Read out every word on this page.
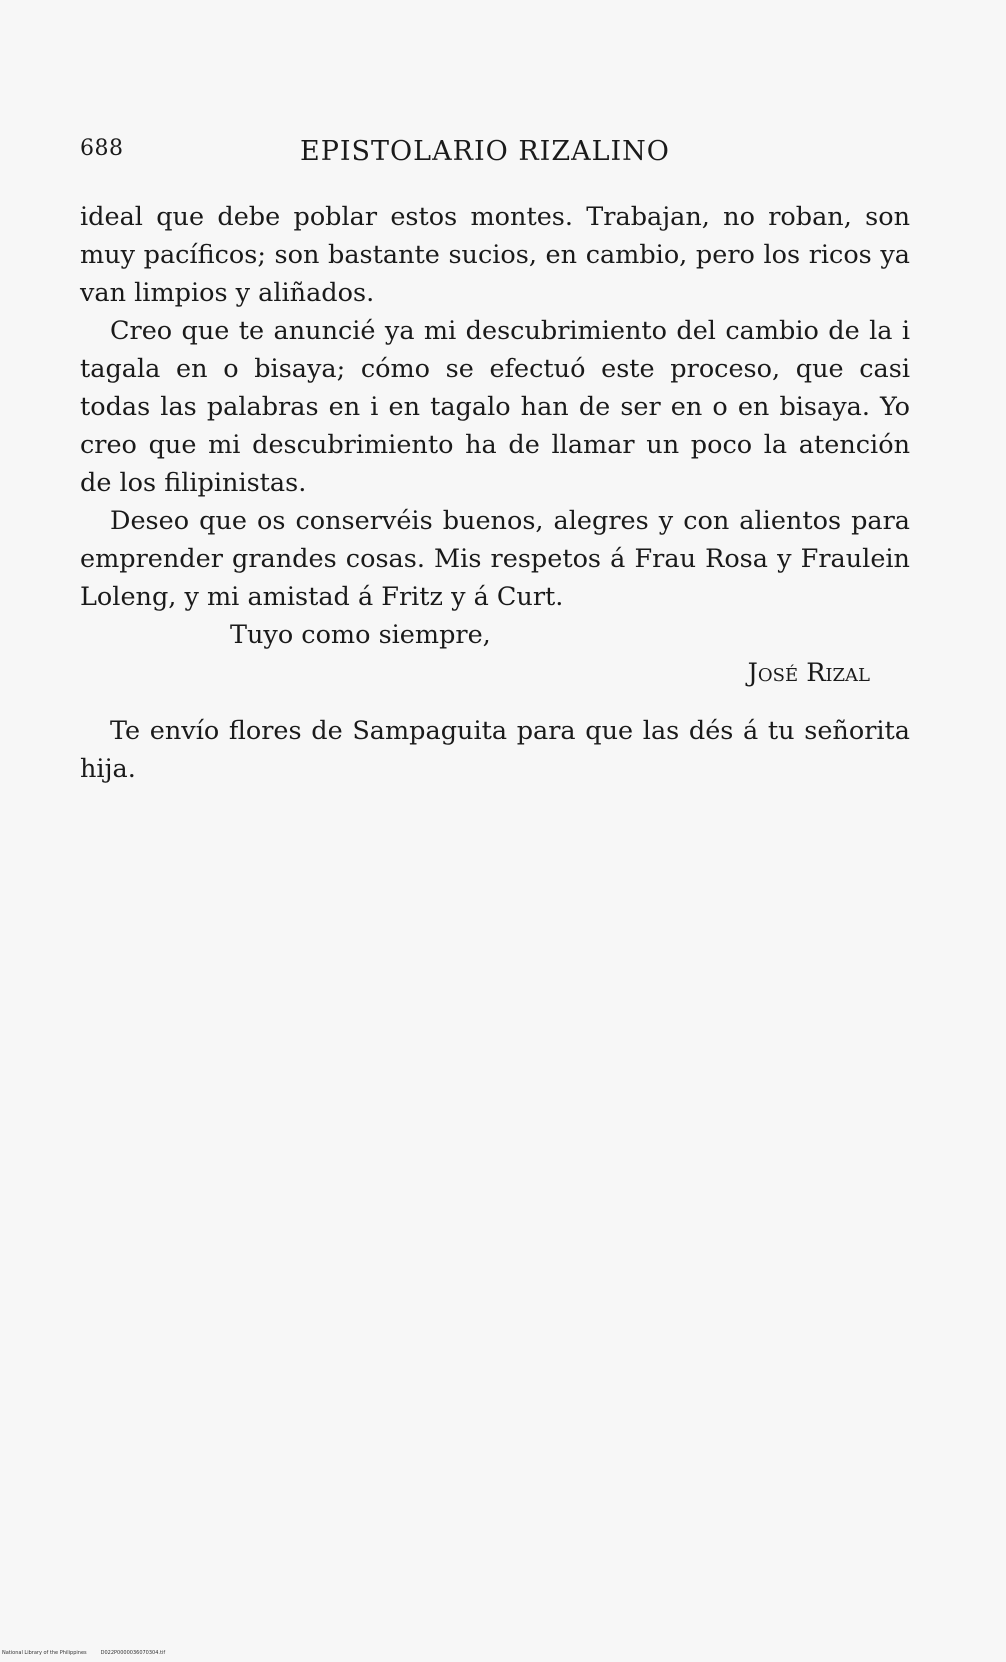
688	EPISTOLARIO RIZALINO

ideal que debe poblar estos montes. Trabajan, no roban, son muy pacíficos; son bastante sucios, en cambio, pero los ricos ya van limpios y aliñados.

Creo que te anuncié ya mi descubrimiento del cambio de la i tagala en o bisaya; cómo se efectuó este proceso, que casi todas las palabras en i en tagalo han de ser en o en bisaya. Yo creo que mi descubrimiento ha de llamar un poco la atención de los filipinistas.

Deseo que os conservéis buenos, alegres y con alientos para emprender grandes cosas. Mis respetos á Frau Rosa y Fraulein Loleng, y mi amistad á Fritz y á Curt.

Tuyo como siempre,

José Rizal

Te envío flores de Sampaguita para que las dés á tu señorita hija.

National Library of the Philippines	D022P0000036070304.tif
